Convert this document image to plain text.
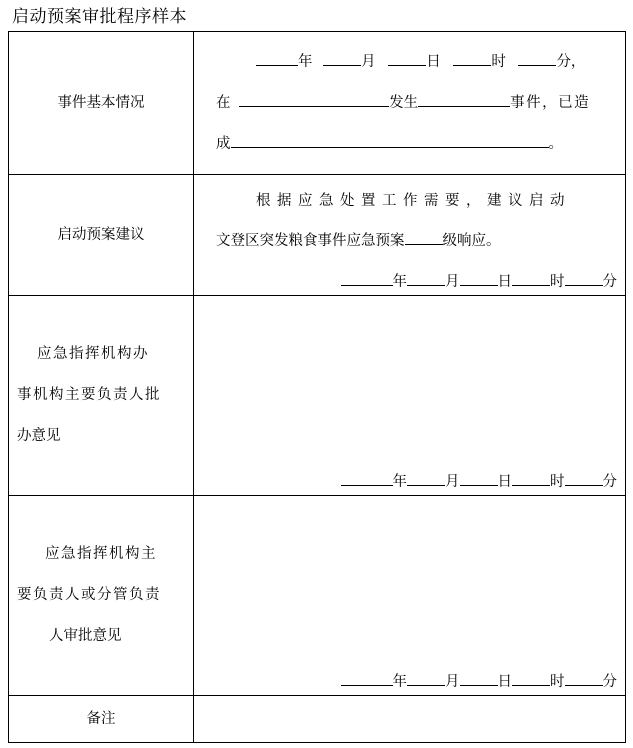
启动预案审批程序样本
事件基本情况	年 月 日 时 分，
在 发生 事件，已造
成 。

启动预案建议	根据应急处置工作需要，建议启动
文登区突发粮食事件应急预案 级响应。
年 月 日 时 分

应急指挥机构办
事机构主要负责人批
办意见	年 月 日 时 分

应急指挥机构主
要负责人或分管负责
人审批意见	年 月 日 时 分

备注	
